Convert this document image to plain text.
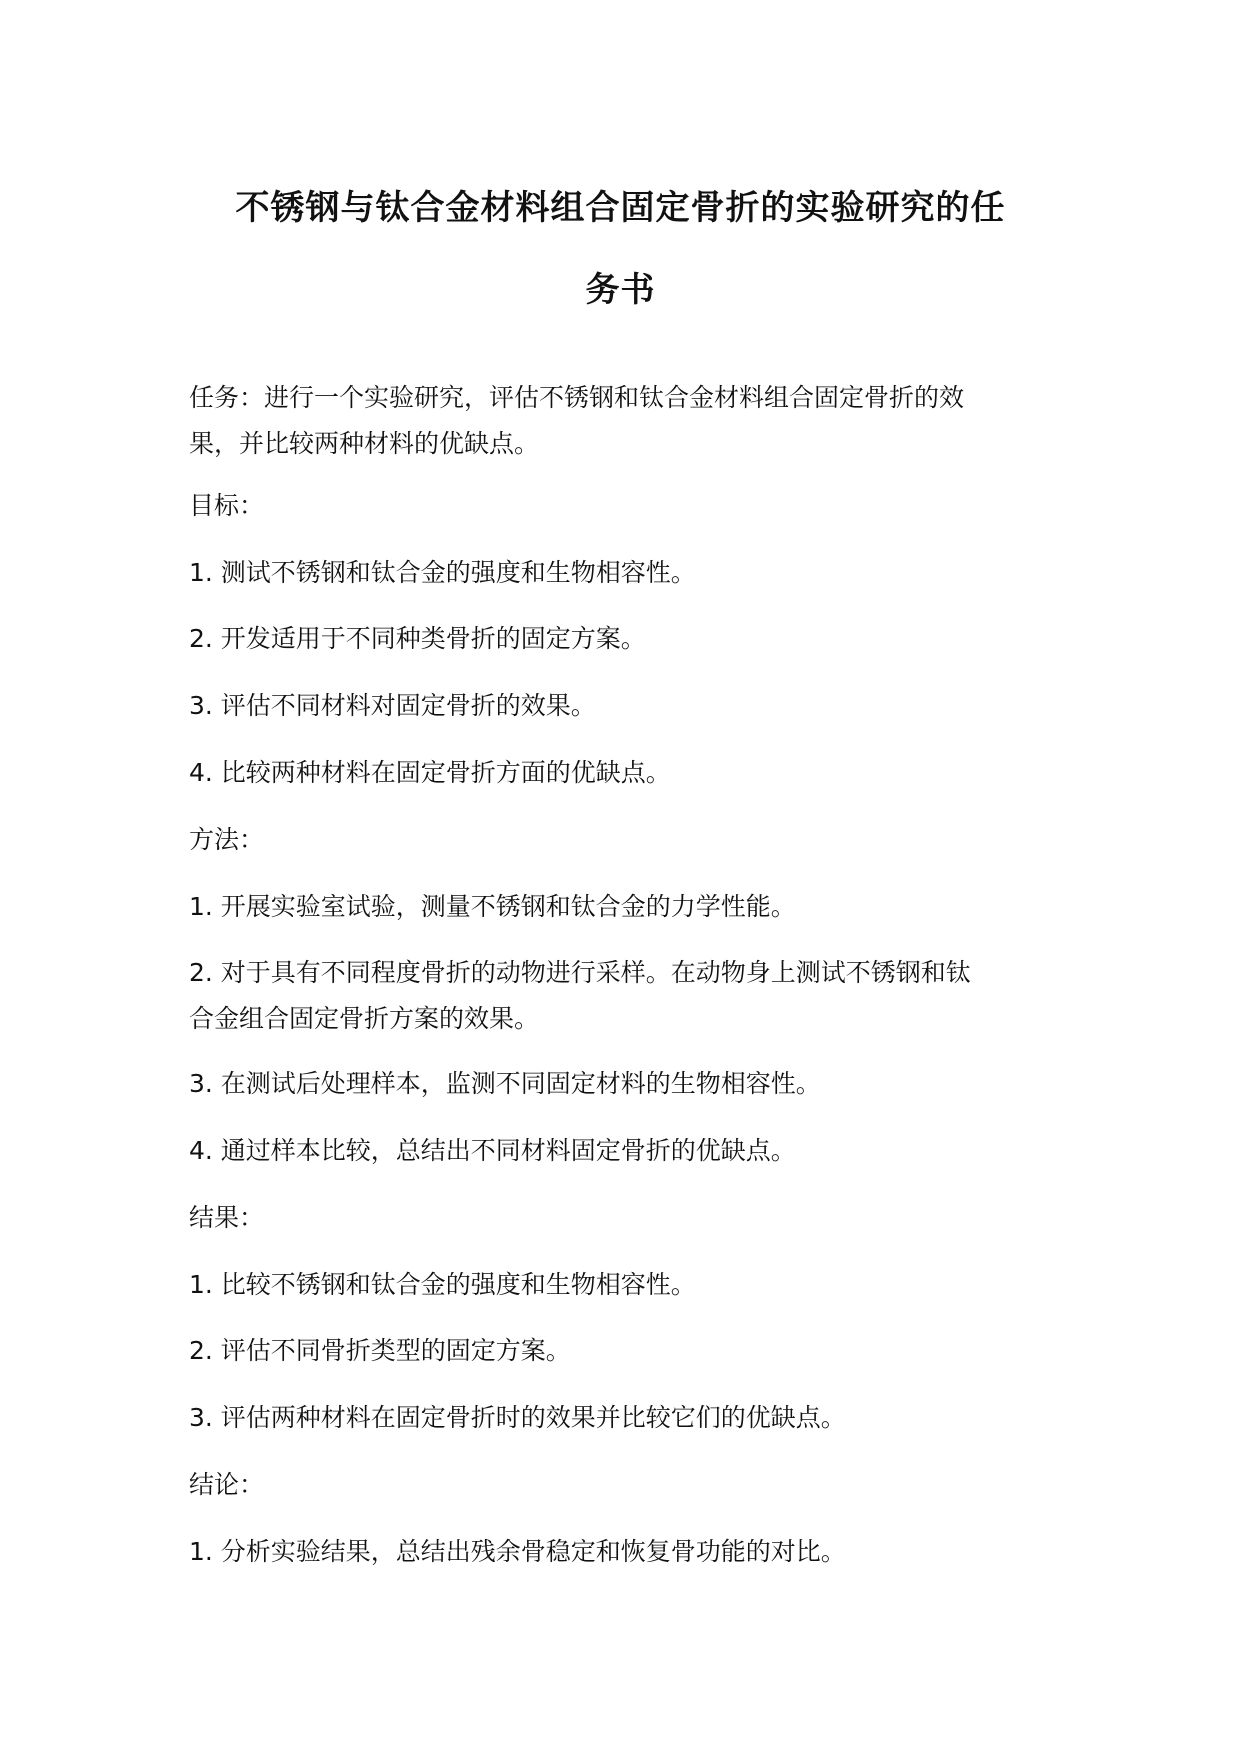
不锈钢与钛合金材料组合固定骨折的实验研究的任
务书
任务：进行一个实验研究，评估不锈钢和钛合金材料组合固定骨折的效
果，并比较两种材料的优缺点。
目标：
1. 测试不锈钢和钛合金的强度和生物相容性。
2. 开发适用于不同种类骨折的固定方案。
3. 评估不同材料对固定骨折的效果。
4. 比较两种材料在固定骨折方面的优缺点。
方法：
1. 开展实验室试验，测量不锈钢和钛合金的力学性能。
2. 对于具有不同程度骨折的动物进行采样。在动物身上测试不锈钢和钛
合金组合固定骨折方案的效果。
3. 在测试后处理样本，监测不同固定材料的生物相容性。
4. 通过样本比较，总结出不同材料固定骨折的优缺点。
结果：
1. 比较不锈钢和钛合金的强度和生物相容性。
2. 评估不同骨折类型的固定方案。
3. 评估两种材料在固定骨折时的效果并比较它们的优缺点。
结论：
1. 分析实验结果，总结出残余骨稳定和恢复骨功能的对比。
